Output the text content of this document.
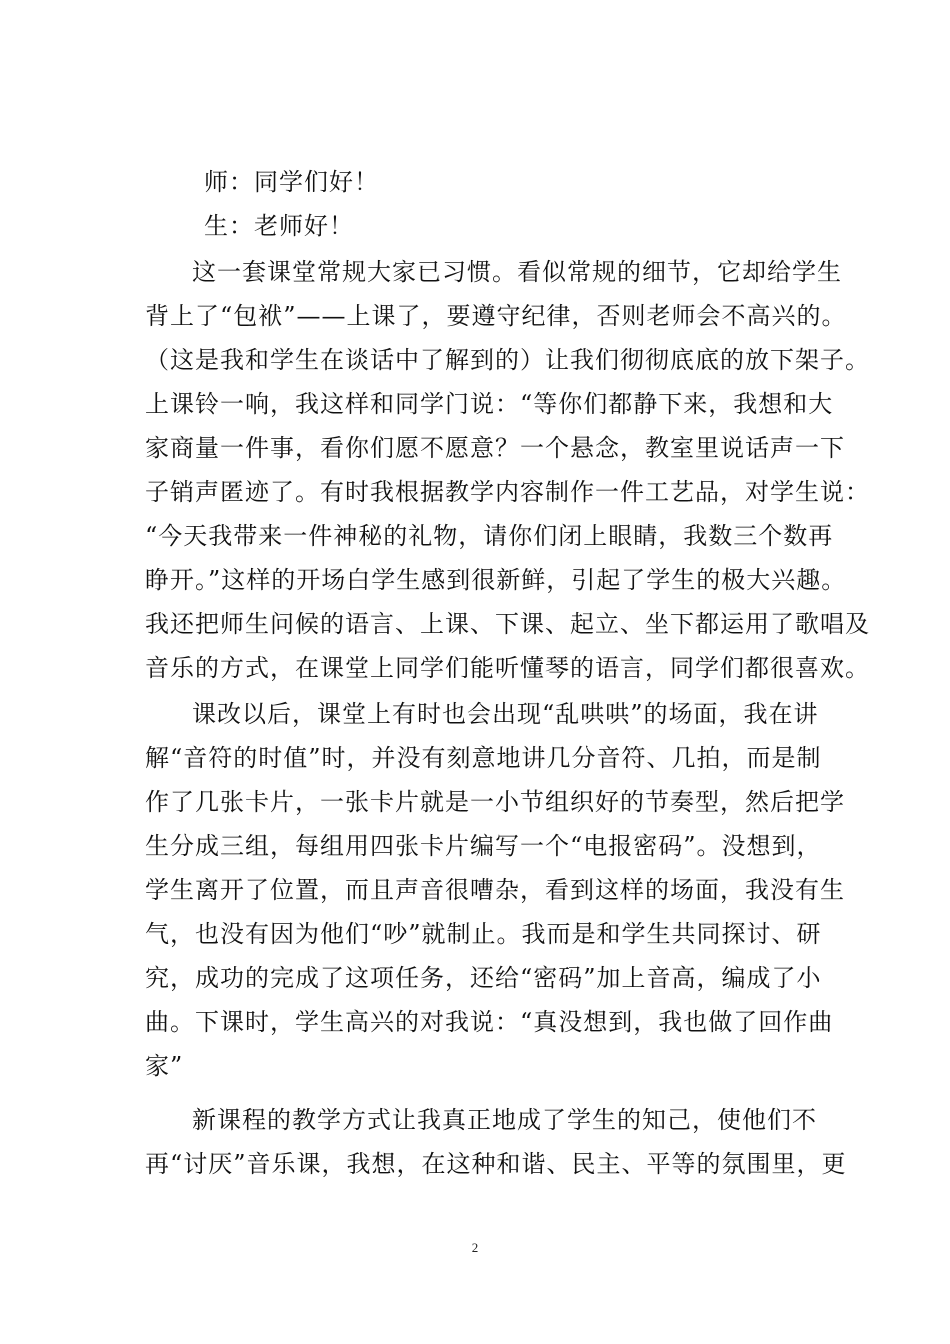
师：同学们好！
生：老师好！
这一套课堂常规大家已习惯。看似常规的细节，它却给学生
背上了“包袱”——上课了，要遵守纪律，否则老师会不高兴的。
（这是我和学生在谈话中了解到的）让我们彻彻底底的放下架子。
上课铃一响，我这样和同学门说：“等你们都静下来，我想和大
家商量一件事，看你们愿不愿意？一个悬念，教室里说话声一下
子销声匿迹了。有时我根据教学内容制作一件工艺品，对学生说：
“今天我带来一件神秘的礼物，请你们闭上眼睛，我数三个数再
睁开。”这样的开场白学生感到很新鲜，引起了学生的极大兴趣。
我还把师生问候的语言、上课、下课、起立、坐下都运用了歌唱及
音乐的方式，在课堂上同学们能听懂琴的语言，同学们都很喜欢。
课改以后，课堂上有时也会出现“乱哄哄”的场面，我在讲
解“音符的时值”时，并没有刻意地讲几分音符、几拍，而是制
作了几张卡片，一张卡片就是一小节组织好的节奏型，然后把学
生分成三组，每组用四张卡片编写一个“电报密码”。没想到，
学生离开了位置，而且声音很嘈杂，看到这样的场面，我没有生
气，也没有因为他们“吵”就制止。我而是和学生共同探讨、研
究，成功的完成了这项任务，还给“密码”加上音高，编成了小
曲。下课时，学生高兴的对我说：“真没想到，我也做了回作曲
家”
新课程的教学方式让我真正地成了学生的知己，使他们不
再“讨厌”音乐课，我想，在这种和谐、民主、平等的氛围里，更
2
